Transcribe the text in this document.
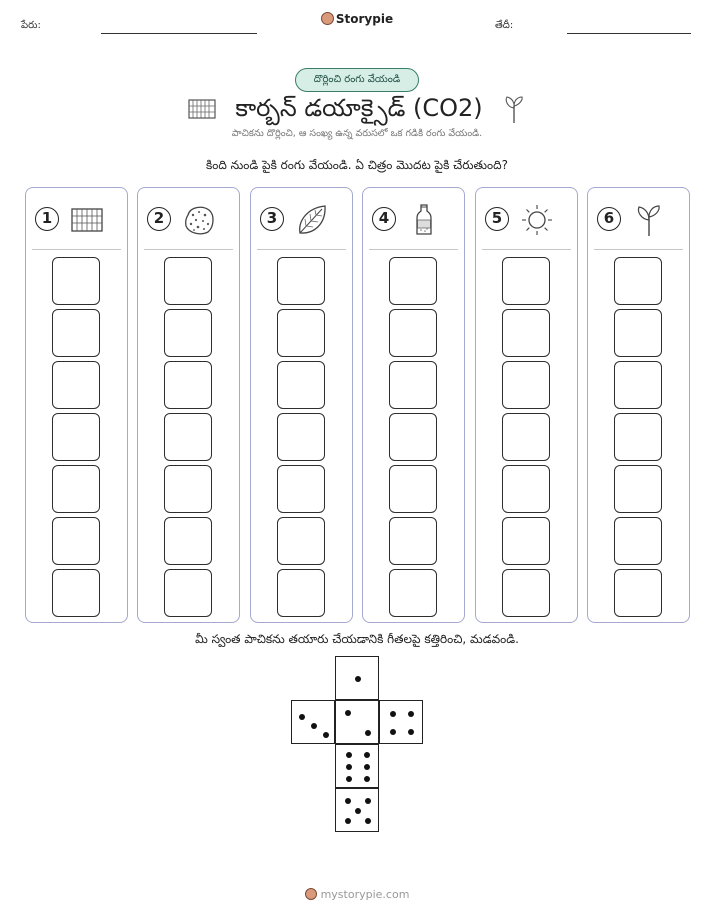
పేరు:	Storypie	తేదీ:
దొర్లించి రంగు వేయండి
కార్బన్ డయాక్సైడ్ (CO2)
పాచికను దొర్లించి, ఆ సంఖ్య ఉన్న వరుసలో ఒక గడికి రంగు వేయండి.
కింది నుండి పైకి రంగు వేయండి. ఏ చిత్రం మొదట పైకి చేరుతుంది?
1	2	3	4	5	6
మీ స్వంత పాచికను తయారు చేయడానికి గీతలపై కత్తిరించి, మడవండి.
mystorypie.com
